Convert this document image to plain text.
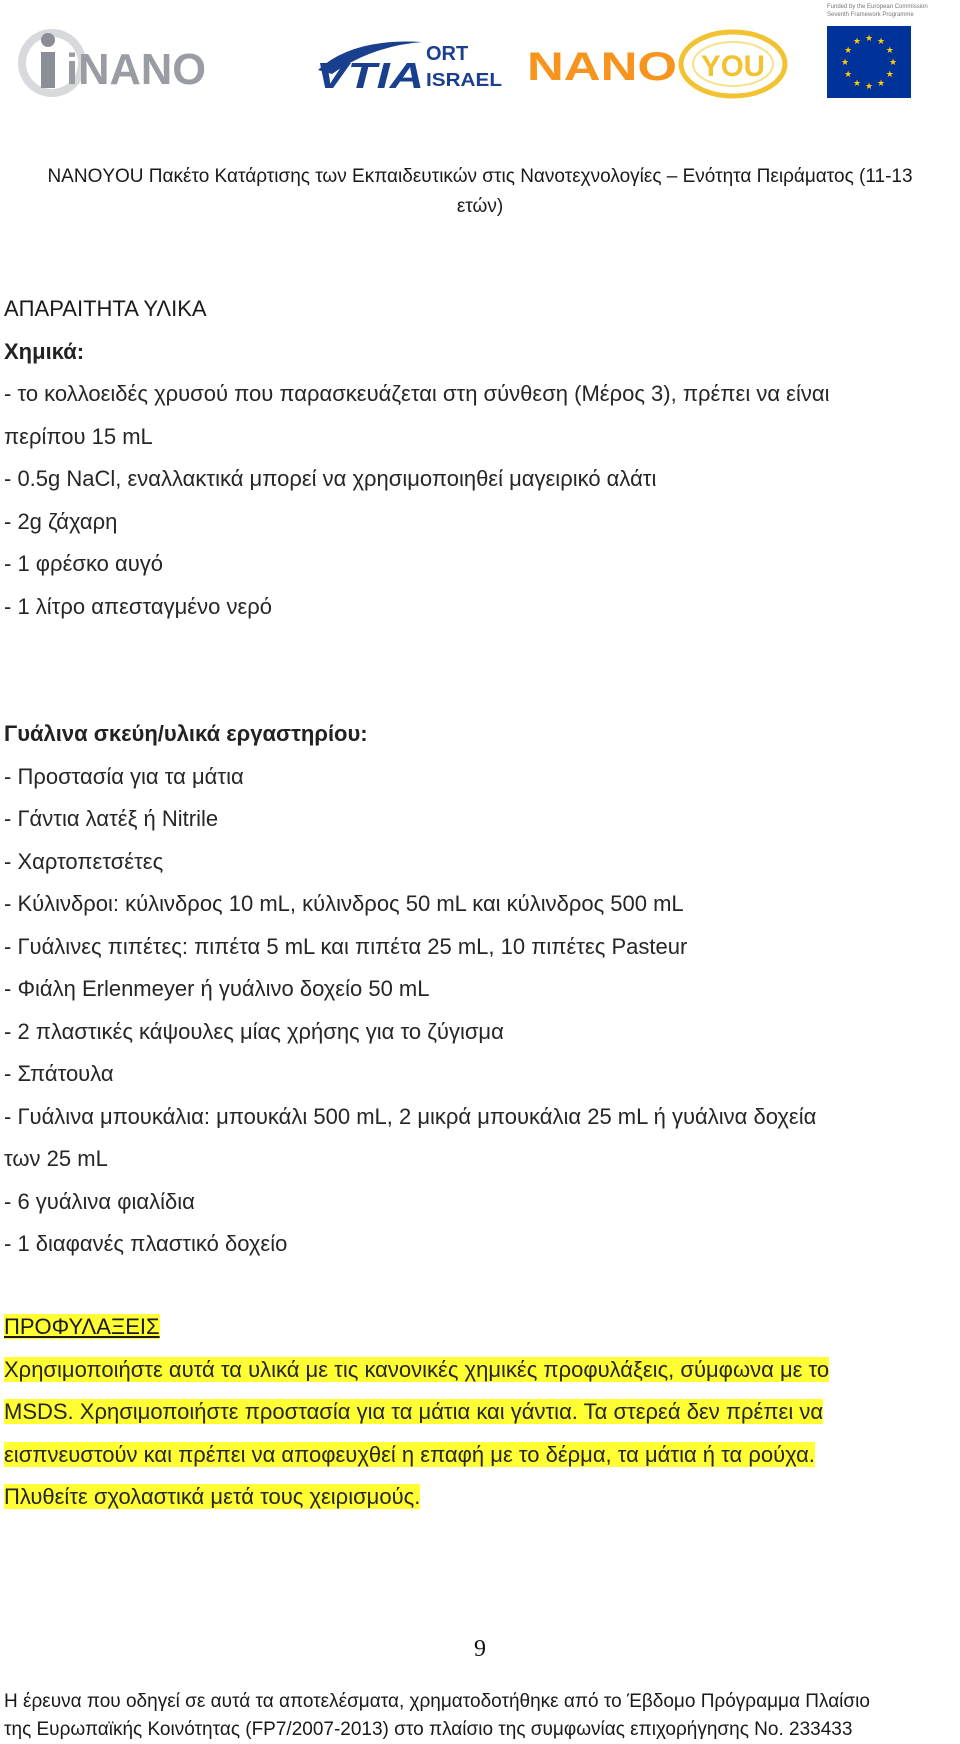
iNANO	VTIA
ORT
ISRAEL NANO YOU
Funded by the European Commission
Seventh Framework Programme
★ ★
★
★
★
★
★
★
★
★
★
★
NANOYOU Πακέτο Κατάρτισης των Εκπαιδευτικών στις Νανοτεχνολογίες – Ενότητα Πειράματος (11-13
ετών)
ΑΠΑΡΑΙΤΗΤΑ ΥΛΙΚΑ
Χημικά:
- το κολλοειδές χρυσού που παρασκευάζεται στη σύνθεση (Μέρος 3), πρέπει να είναι
περίπου 15 mL
- 0.5g NaCl, εναλλακτικά μπορεί να χρησιμοποιηθεί μαγειρικό αλάτι
- 2g ζάχαρη
- 1 φρέσκο αυγό
- 1 λίτρο απεσταγμένο νερό
Γυάλινα σκεύη/υλικά εργαστηρίου:
- Προστασία για τα μάτια
- Γάντια λατέξ ή Nitrile
- Χαρτοπετσέτες
- Κύλινδροι: κύλινδρος 10 mL, κύλινδρος 50 mL και κύλινδρος 500 mL
- Γυάλινες πιπέτες: πιπέτα 5 mL και πιπέτα 25 mL, 10 πιπέτες Pasteur
- Φιάλη Erlenmeyer ή γυάλινο δοχείο 50 mL
- 2 πλαστικές κάψουλες μίας χρήσης για το ζύγισμα
- Σπάτουλα
- Γυάλινα μπουκάλια: μπουκάλι 500 mL, 2 μικρά μπουκάλια 25 mL ή γυάλινα δοχεία
των 25 mL
- 6 γυάλινα φιαλίδια
- 1 διαφανές πλαστικό δοχείο
ΠΡΟΦΥΛΑΞΕΙΣ
Χρησιμοποιήστε αυτά τα υλικά με τις κανονικές χημικές προφυλάξεις, σύμφωνα με το
MSDS. Χρησιμοποιήστε προστασία για τα μάτια και γάντια. Τα στερεά δεν πρέπει να
εισπνευστούν και πρέπει να αποφευχθεί η επαφή με το δέρμα, τα μάτια ή τα ρούχα.
Πλυθείτε σχολαστικά μετά τους χειρισμούς.
9
Η έρευνα που οδηγεί σε αυτά τα αποτελέσματα, χρηματοδοτήθηκε από το Έβδομο Πρόγραμμα Πλαίσιο
της Ευρωπαϊκής Κοινότητας (FP7/2007-2013) στο πλαίσιο της συμφωνίας επιχορήγησης No. 233433
